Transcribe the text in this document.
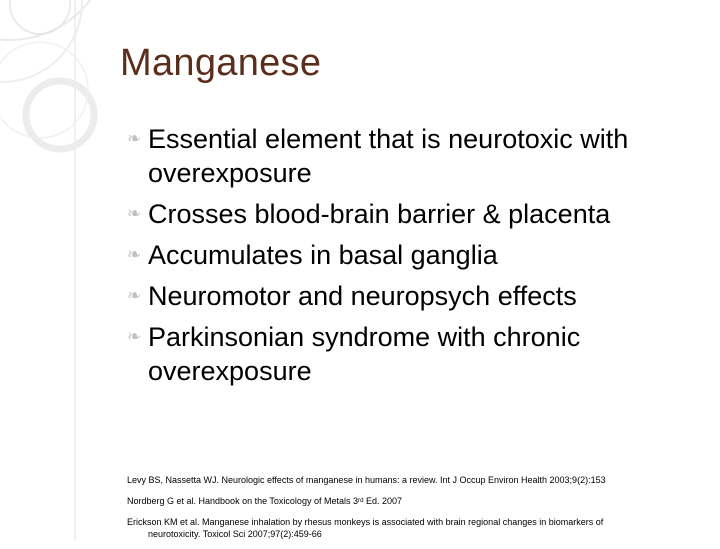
Manganese
❧ Essential element that is neurotoxic with overexposure
❧ Crosses blood-brain barrier & placenta
❧ Accumulates in basal ganglia
❧ Neuromotor and neuropsych effects
❧ Parkinsonian syndrome with chronic overexposure
Levy BS, Nassetta WJ. Neurologic effects of manganese in humans: a review. Int J Occup Environ Health 2003;9(2):153
Nordberg G et al. Handbook on the Toxicology of Metals 3ʳᵈ Ed. 2007
Erickson KM et al. Manganese inhalation by rhesus monkeys is associated with brain regional changes in biomarkers of
neurotoxicity. Toxicol Sci 2007;97(2):459-66
